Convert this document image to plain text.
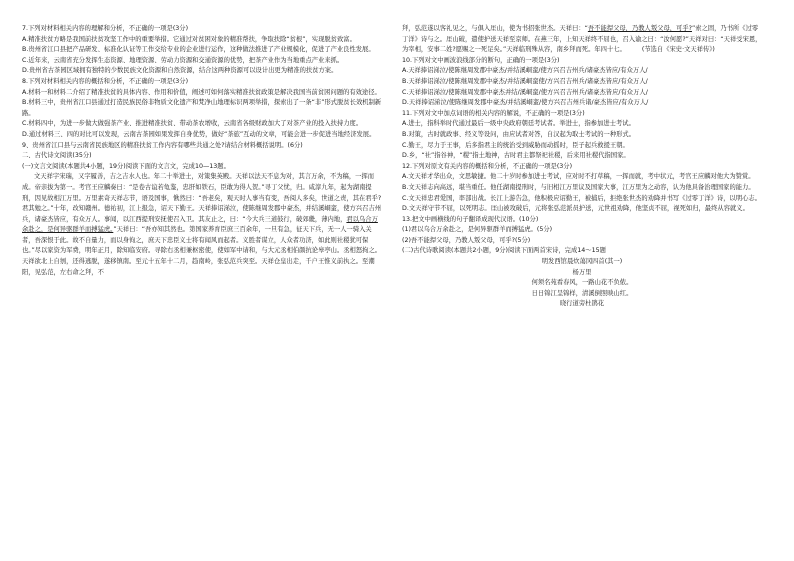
7.下列对材料相关内容的理解和分析，不正确的一项是(3分)
A.精准扶贫方略是我国前扶贫攻坚工作中的重要举措。它通过对贫困对象的精准帮扶，争取扶除“贫根”，实现脱贫致富。
B.贵州省江口县把产品研发、标准化认证等工作交给专业的企业进行运作，这种做法推进了产业规模化，促进了产业良性发展。
C.近年来，云南省充分发挥生态资源、地理资源、劳动力资源和交通资源的优势，把茶产业作为当地重点产业来抓。
D.贵州省古茶园区域拥有独特的少数民族文化资源和自然资源，结合这两种资源可以设计出更为精准的扶贫方案。
8.下列对材料相关内容的概括和分析，不正确的一项是(3分)
A.材料一和材料二介绍了精准扶贫的具体内容、作用和价值，阐述可如何落实精准扶贫政策是解决我国当前贫困问题的有效途径。
B.材料三中，贵州省江口县通过打造民族民俗非物质文化遗产和梵净山地理标识两项举措，探索出了一条“非”形式脱贫长效机制新路。
C.材料四中，为进一步做大做强茶产业、推进精准扶贫、带动茶农增收，云南省各级财政加大了对茶产业的投入扶持力度。
D.通过材料三、四的对比可以发现，云南古茶园如果发挥自身优势，做好“茶旅”互动的文章，可能会进一步促进当地经济发展。
9、贵州省江口县与云南省民族地区的精准扶贫工作内容有哪些共通之处?请结合材料概括说明。(6分)
二、古代诗文阅读(35分)
(一)文言文阅读(本题共4小题，19分)阅读下面的文言文，完成10—13题。
文天祥字宋瑞，又字履善，吉之吉水人也。年二十举进士，对策集英殿。天祥以法天不息为对，其言万余，不为稿，一挥而成。帝亲拔为第一。考官王应麟奏曰：“是卷古谊若龟鉴，忠肝如铁石，臣敢为得人贺。”寻丁父忧，归。咸淳九年，起为湖南提刑，因见故相江万里。万里素奇天祥志节，语及国事，愀然曰：“吾老矣，观天时人事当有变，吾阅人多矣，世道之责，其在君乎?君其勉之。”十年，改知赣州。德祐初，江上报急，诏天下勤王。天祥捧诏涕泣，使陈继周发郡中豪杰，并结溪峒蛮，使方兴召吉州兵，诸豪杰皆应，有众万人。事闻，以江西提刑安抚使召入卫。其友止之，曰：“今大兵三道鼓行，破郊畿，薄内地，君以乌合万余赴之，是何异驱群羊而搏猛虎。”天祥曰：“吾亦知其然也。第国家养育臣庶三百余年，一旦有急，征天下兵，无一人一骑入关者，吾深恨于此。故不自量力，而以身徇之，庶天下忠臣义士将有闻风而起者。义胜者谋立，人众者功济，如此则社稷犹可保也。”尽以家资为军费，明年正月，除知临安府。寻除右丞相兼枢密使，使如军中请和，与大元丞相伯颜抗论皋亭山。丞相怒拘之。天祥欲北上自刎，还得逃脱，遂移镇南。至元十五年十二月，趋南岭，张弘范兵突至。天祥仓皇出走，千户王惟义前执之。至潮阳，见弘范，左右命之拜，不
拜，弘范遂以客礼见之，与俱入厓山，使为书招张世杰。天祥曰：“吾不能捍父母，乃教人叛父母，可乎?”索之固，乃书所《过零丁洋》诗与之。厓山破，遣使护送天祥至京师。在燕三年，上知天祥终不屈也，召入谕之曰：“汝何愿?”天祥对曰：“天祥受宋恩，为宰相，安事二姓?愿赐之一死足矣。”天祥临刑殊从容，南乡拜而死。年四十七。	(节选自《宋史·文天祥传》)
10.下列对文中画波浪线部分的断句，正确的一项是(3分)
A.天祥捧诏涕泣/使陈继周发郡中豪杰/并结溪峒蛮/使方兴召吉州兵/诸豪杰皆应/有众万人/
B.天祥捧诏涕泣/使陈继周发郡中豪杰/并结溪峒蛮使/方兴召吉州兵/诸豪杰皆应/有众万人/
C.天祥捧诏涕泣/使陈继周发郡中豪杰并结/溪峒蛮/使方兴召吉州兵/诸豪杰皆应/有众万人/
D.天祥捧诏涕泣/使陈继周发郡中豪杰/并结溪峒蛮/使方兴召吉州兵诸/豪杰皆应/有众万人/
11.下列对文中加点词语的相关内容的解说，不正确的一项是(3分)
A.进士，指科举时代通过最后一级中央政府朝廷考试者。举进士，指参加进士考试。
B.对策，古时就政事、经义等设问，由应试者对答，自汉起为取士考试的一种形式。
C.勤王，尽力于王事，后多指君主的统治受到威胁而动摇时，臣子起兵救援王朝。
D.乡，“社”指谷神，“稷”指土地神，古时君主都祭祀社稷，后来用社稷代指国家。
12.下列对原文有关内容的概括和分析，不正确的一项是(3分)
A.文天祥才华出众，文思敏捷。他二十岁时参加进士考试，应对时不打草稿，一挥而就，考中状元，考官王应麟对他大为赞赏。
B.文天祥志向高远，堪当重任。他任湖南提刑时，与旧相江万里议及国家大事，江万里为之动容，认为他具备治理国家的能力。
C.文天祥忠君爱国，率部出战。长江上游告急，他积极应诏勤王，被捕后，拒绝张世杰的劝降并书写《过零丁洋》诗，以明心志。
D.文天祥守节不屈，以死明志。厓山被攻破后，元将张弘范派员护送，元世祖劝降，他坚贞不屈，视死如归，最终从容就义。
13.把文中画横线的句子翻译成现代汉语。(10分)
(1)君以乌合万余赴之，是何异驱群羊而搏猛虎。(5分)
(2)吾不能捍父母，乃教人叛父母，可乎?(5分)
(二)古代诗歌阅读(本题共2小题，9分)阅读下面两首宋诗，完成14～15题
明发西馆晨炊蔼冈四首(其一)
杨万里
何须名苑看春风，一路山花不负侬。
日日锦江呈锦样，清溪倒照映山红。
晓行道旁杜鹃花
